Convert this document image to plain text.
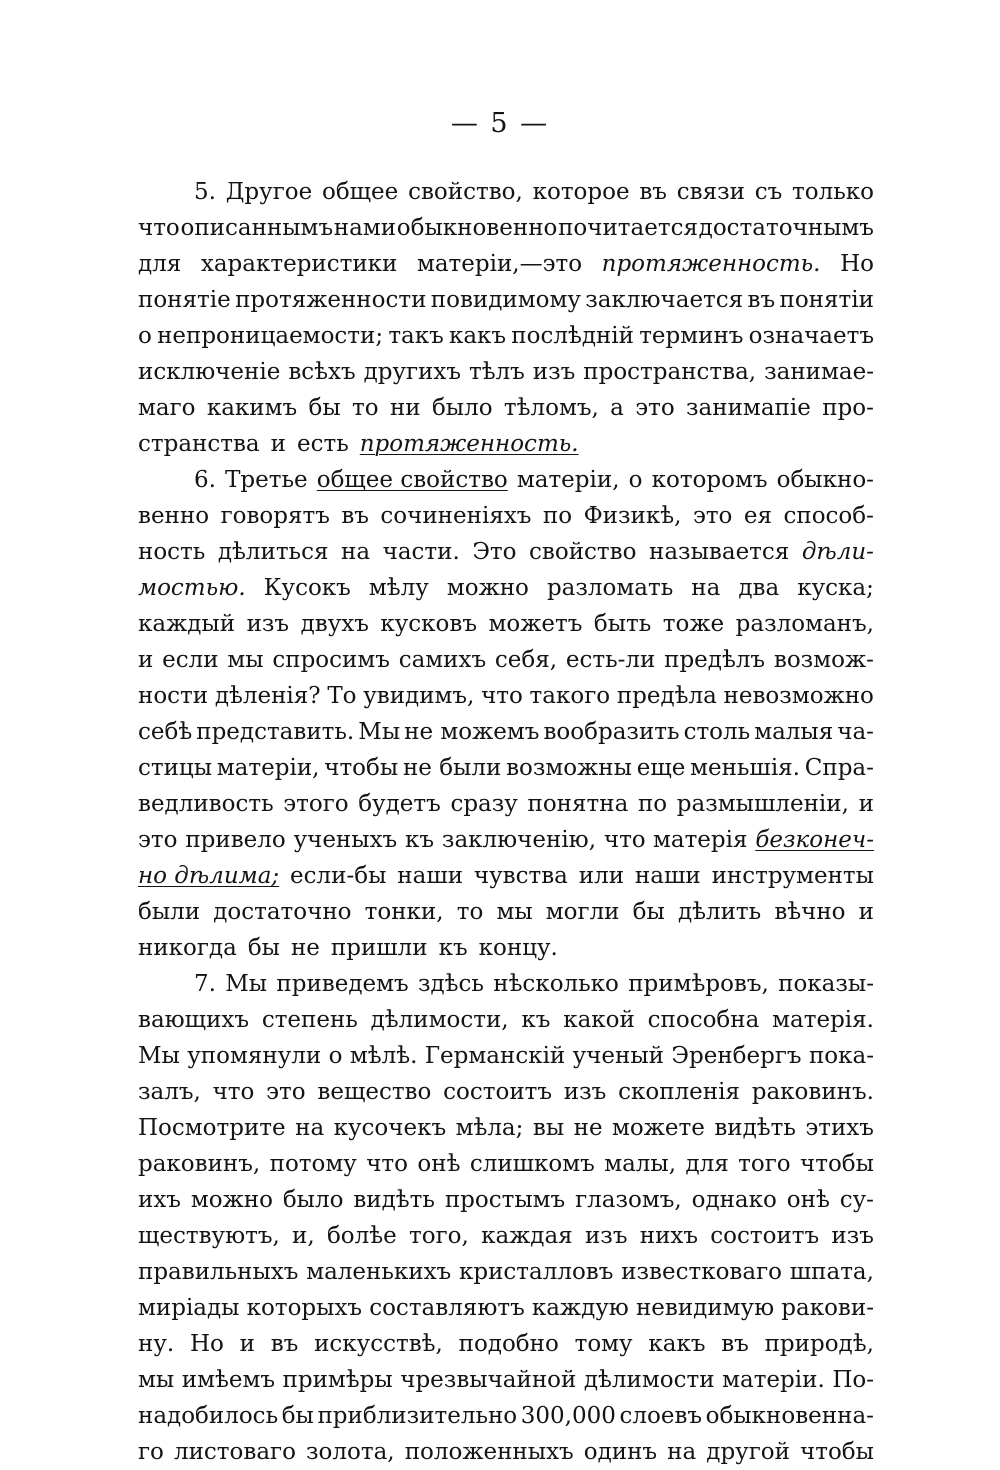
— 5 —
5. Другое общее свойство, которое въ связи съ только
что описаннымъ нами обыкновенно почитается достаточнымъ
для характеристики матеріи,—это протяженность. Но
понятіе протяженности повидимому заключается въ понятіи
о непроницаемости; такъ какъ послѣдній терминъ означаетъ
исключеніе всѣхъ другихъ тѣлъ изъ пространства, занимае-
маго какимъ бы то ни было тѣломъ, а это занимапіе про-
странства и есть протяженность.
6. Третье общее свойство матеріи, о которомъ обыкно-
венно говорятъ въ сочиненіяхъ по Физикѣ, это ея способ-
ность дѣлиться на части. Это свойство называется дѣли-
мостью. Кусокъ мѣлу можно разломать на два куска;
каждый изъ двухъ кусковъ можетъ быть тоже разломанъ,
и если мы спросимъ самихъ себя, есть-ли предѣлъ возмож-
ности дѣленія? То увидимъ, что такого предѣла невозможно
себѣ представить. Мы не можемъ вообразить столь малыя ча-
стицы матеріи, чтобы не были возможны еще меньшія. Спра-
ведливость этого будетъ сразу понятна по размышленіи, и
это привело ученыхъ къ заключенію, что матерія безконеч-
но дѣлима; если-бы наши чувства или наши инструменты
были достаточно тонки, то мы могли бы дѣлить вѣчно и
никогда бы не пришли къ концу.
7. Мы приведемъ здѣсь нѣсколько примѣровъ, показы-
вающихъ степень дѣлимости, къ какой способна матерія.
Мы упомянули о мѣлѣ. Германскій ученый Эренбергъ пока-
залъ, что это вещество состоитъ изъ скопленія раковинъ.
Посмотрите на кусочекъ мѣла; вы не можете видѣть этихъ
раковинъ, потому что онѣ слишкомъ малы, для того чтобы
ихъ можно было видѣть простымъ глазомъ, однако онѣ су-
ществуютъ, и, болѣе того, каждая изъ нихъ состоитъ изъ
правильныхъ маленькихъ кристалловъ известковаго шпата,
миріады которыхъ составляютъ каждую невидимую ракови-
ну. Но и въ искусствѣ, подобно тому какъ въ природѣ,
мы имѣемъ примѣры чрезвычайной дѣлимости матеріи. По-
надобилось бы приблизительно 300,000 слоевъ обыкновенна-
го листоваго золота, положенныхъ одинъ на другой чтобы
